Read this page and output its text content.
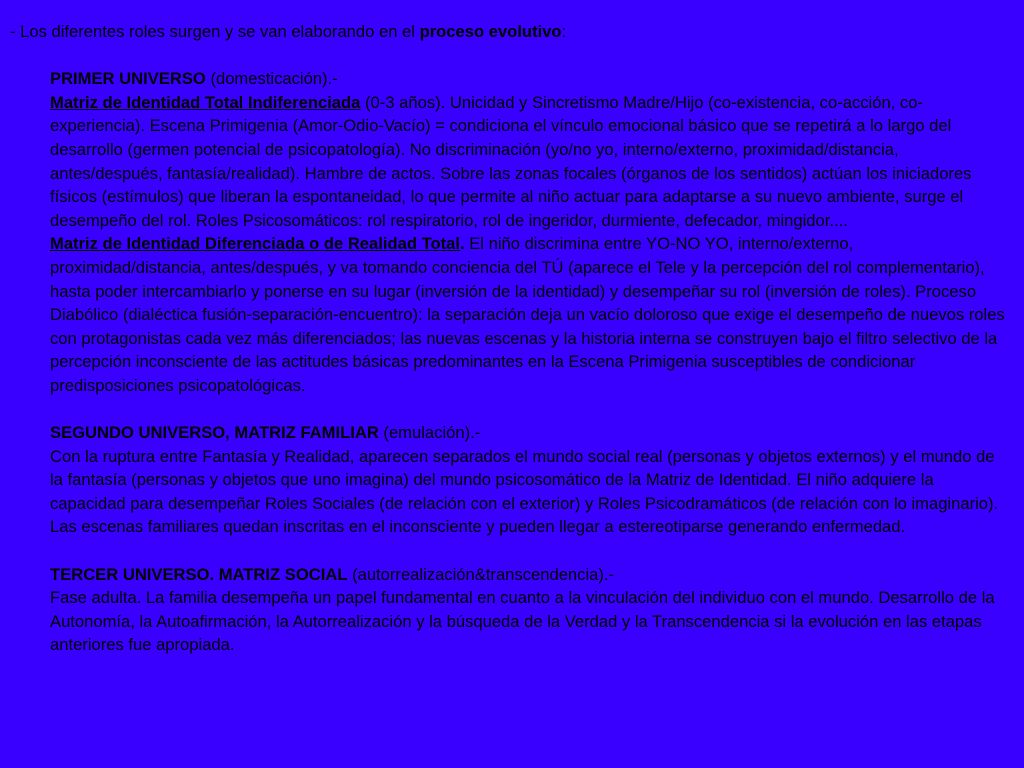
- Los diferentes roles surgen y se van elaborando en el proceso evolutivo:

PRIMER UNIVERSO (domesticación).-

Matriz de Identidad Total Indiferenciada (0-3 años). Unicidad y Sincretismo Madre/Hijo (co-existencia, co-acción, co-experiencia). Escena Primigenia (Amor-Odio-Vacío) = condiciona el vínculo emocional básico que se repetirá a lo largo del desarrollo (germen potencial de psicopatología). No discriminación (yo/no yo, interno/externo, proximidad/distancia, antes/después, fantasía/realidad). Hambre de actos. Sobre las zonas focales (órganos de los sentidos) actúan los iniciadores físicos (estímulos) que liberan la espontaneidad, lo que permite al niño actuar para adaptarse a su nuevo ambiente, surge el desempeño del rol. Roles Psicosomáticos: rol respiratorio, rol de ingeridor, durmiente, defecador, mingidor....

Matriz de Identidad Diferenciada o de Realidad Total. El niño discrimina entre YO-NO YO, interno/externo, proximidad/distancia, antes/después, y va tomando conciencia del TÚ (aparece el Tele y la percepción del rol complementario), hasta poder intercambiarlo y ponerse en su lugar (inversión de la identidad) y desempeñar su rol (inversión de roles). Proceso Diabólico (dialéctica fusión-separación-encuentro): la separación deja un vacío doloroso que exige el desempeño de nuevos roles con protagonistas cada vez más diferenciados; las nuevas escenas y la historia interna se construyen bajo el filtro selectivo de la percepción inconsciente de las actitudes básicas predominantes en la Escena Primigenia susceptibles de condicionar predisposiciones psicopatológicas.

SEGUNDO UNIVERSO, MATRIZ FAMILIAR (emulación).-

Con la ruptura entre Fantasía y Realidad, aparecen separados el mundo social real (personas y objetos externos) y el mundo de la fantasía (personas y objetos que uno imagina) del mundo psicosomático de la Matriz de Identidad. El niño adquiere la capacidad para desempeñar Roles Sociales (de relación con el exterior) y Roles Psicodramáticos (de relación con lo imaginario). Las escenas familiares quedan inscritas en el inconsciente y pueden llegar a estereotiparse generando enfermedad.

TERCER UNIVERSO. MATRIZ SOCIAL (autorrealización&transcendencia).-

Fase adulta. La familia desempeña un papel fundamental en cuanto a la vinculación del individuo con el mundo. Desarrollo de la Autonomía, la Autoafirmación, la Autorrealización y la búsqueda de la Verdad y la Transcendencia si la evolución en las etapas anteriores fue apropiada.
